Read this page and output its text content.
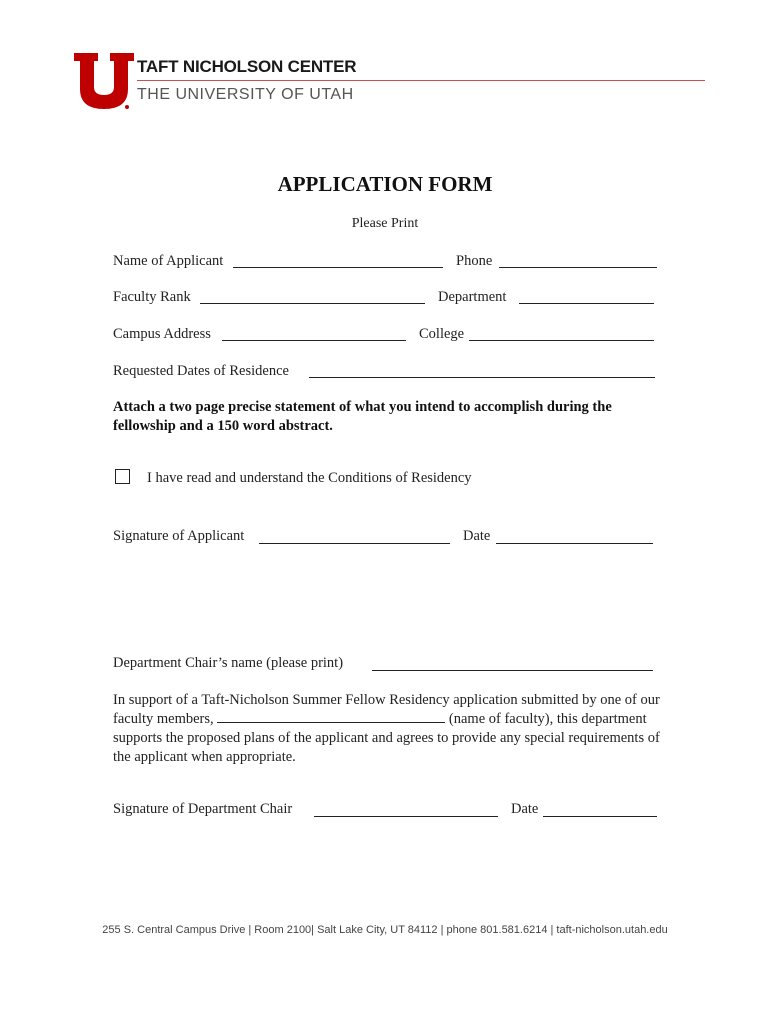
TAFT NICHOLSON CENTER
THE UNIVERSITY OF UTAH
APPLICATION FORM
Please Print
Name of Applicant	Phone
Faculty Rank	Department
Campus Address	College
Requested Dates of Residence
Attach a two page precise statement of what you intend to accomplish during the fellowship and a 150 word abstract.
I have read and understand the Conditions of Residency
Signature of Applicant	Date
Department Chair’s name (please print)
In support of a Taft-Nicholson Summer Fellow Residency application submitted by one of our faculty members,	(name of faculty), this department supports the proposed plans of the applicant and agrees to provide any special requirements of the applicant when appropriate.
Signature of Department Chair	Date
255 S. Central Campus Drive | Room 2100| Salt Lake City, UT 84112 | phone 801.581.6214 | taft-nicholson.utah.edu
